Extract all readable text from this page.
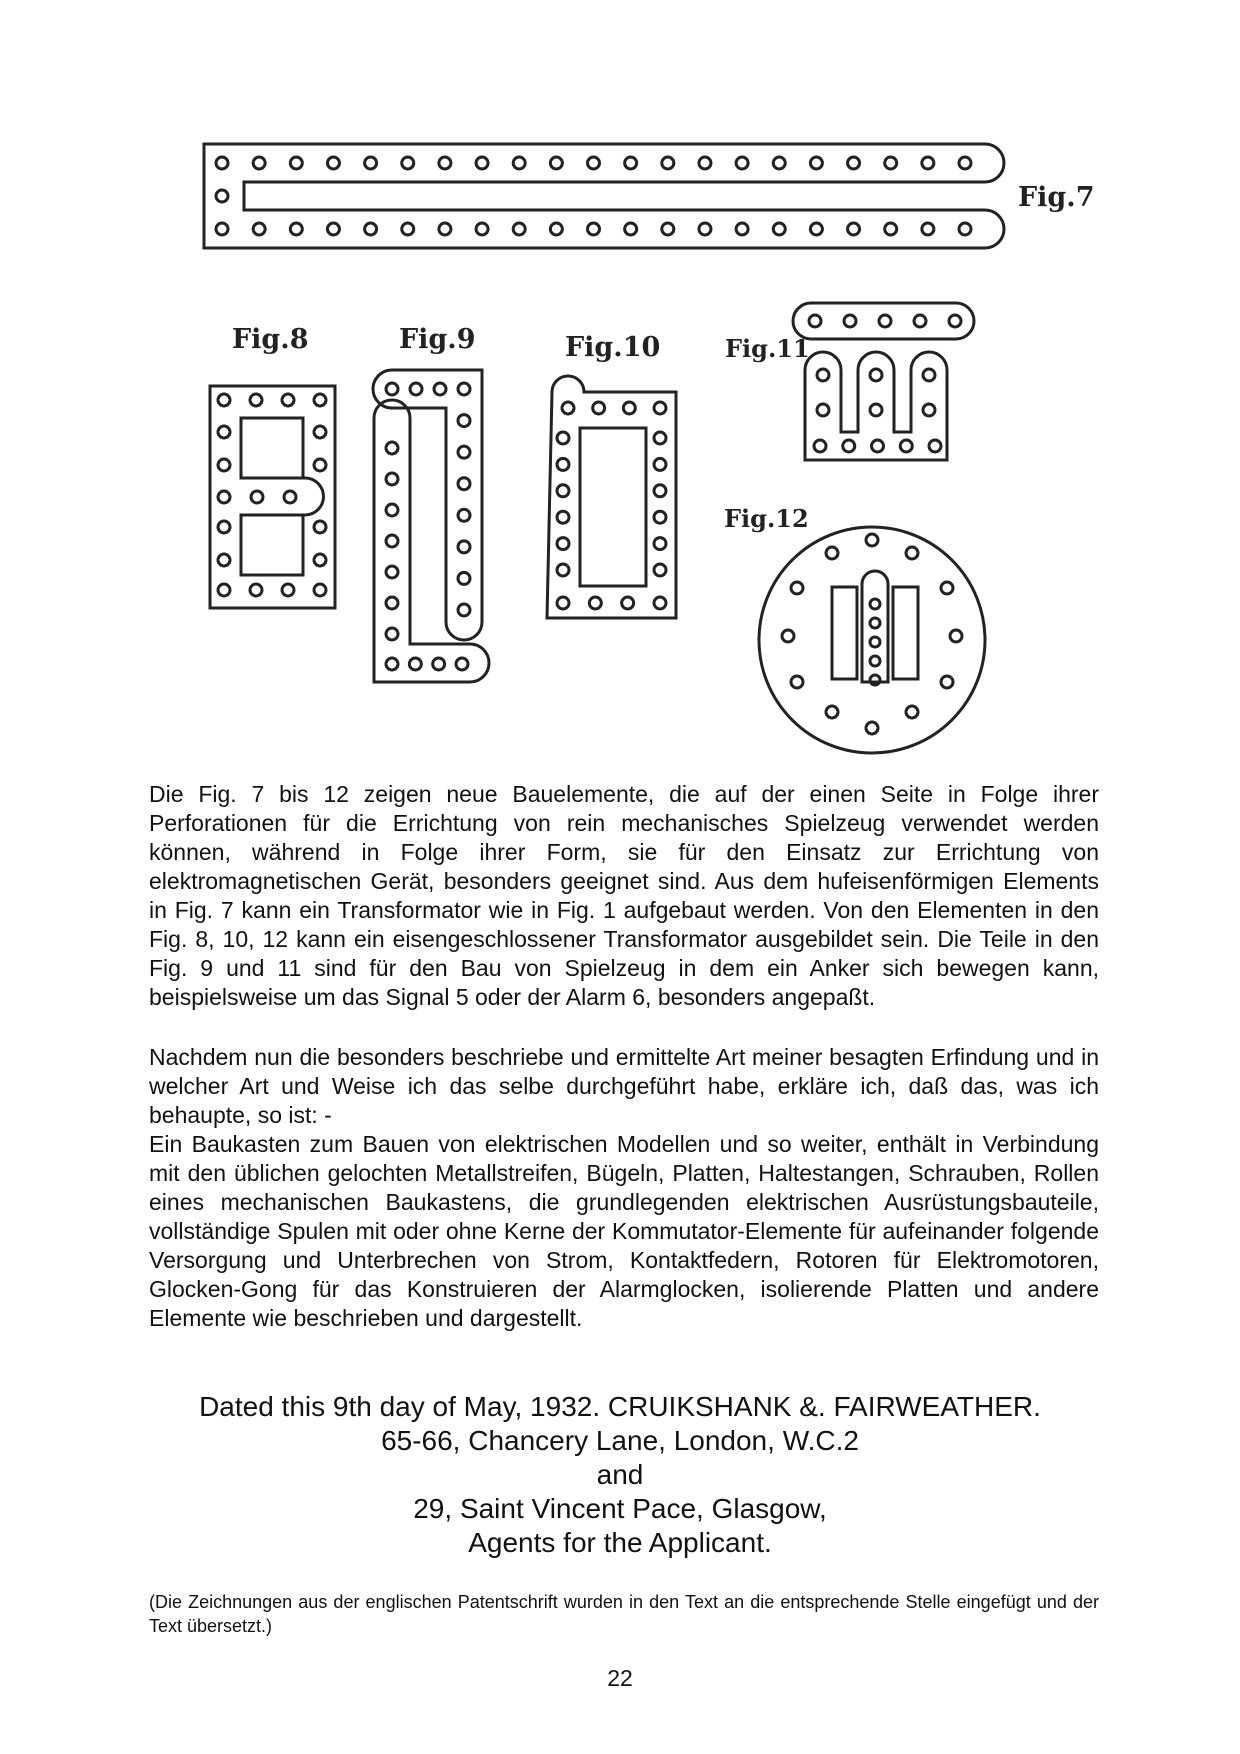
Fig.7
Fig.8	Fig.9	Fig.10	Fig.11
Fig.12

Die Fig. 7 bis 12 zeigen neue Bauelemente, die auf der einen Seite in Folge ihrer Perforationen für die Errichtung von rein mechanisches Spielzeug verwendet werden können, während in Folge ihrer Form, sie für den Einsatz zur Errichtung von elektromagnetischen Gerät, besonders geeignet sind. Aus dem hufeisenförmigen Elements in Fig. 7 kann ein Transformator wie in Fig. 1 aufgebaut werden. Von den Elementen in den Fig. 8, 10, 12 kann ein eisengeschlossener Transformator ausgebildet sein. Die Teile in den Fig. 9 und 11 sind für den Bau von Spielzeug in dem ein Anker sich bewegen kann, beispielsweise um das Signal 5 oder der Alarm 6, besonders angepaßt.

Nachdem nun die besonders beschriebe und ermittelte Art meiner besagten Erfindung und in welcher Art und Weise ich das selbe durchgeführt habe, erkläre ich, daß das, was ich behaupte, so ist: -
Ein Baukasten zum Bauen von elektrischen Modellen und so weiter, enthält in Verbindung mit den üblichen gelochten Metallstreifen, Bügeln, Platten, Haltestangen, Schrauben, Rollen eines mechanischen Baukastens, die grundlegenden elektrischen Ausrüstungsbauteile, vollständige Spulen mit oder ohne Kerne der Kommutator-Elemente für aufeinander folgende Versorgung und Unterbrechen von Strom, Kontaktfedern, Rotoren für Elektromotoren, Glocken-Gong für das Konstruieren der Alarmglocken, isolierende Platten und andere Elemente wie beschrieben und dargestellt.
Dated this 9th day of May, 1932. CRUIKSHANK &. FAIRWEATHER.
65-66, Chancery Lane, London, W.C.2
and
29, Saint Vincent Pace, Glasgow,
Agents for the Applicant.

(Die Zeichnungen aus der englischen Patentschrift wurden in den Text an die entsprechende Stelle eingefügt und der Text übersetzt.)

22
